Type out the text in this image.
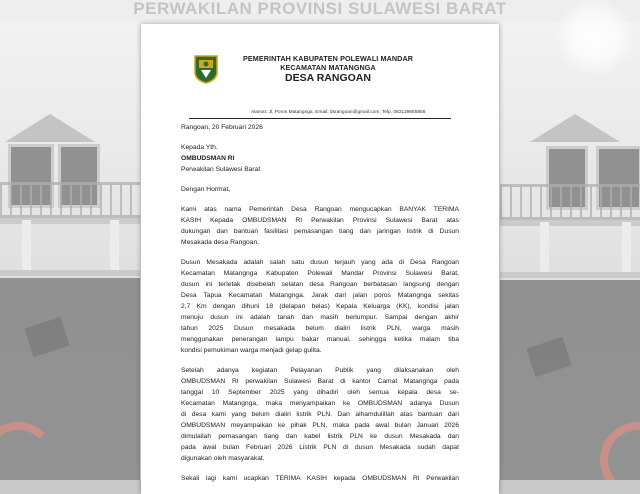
PERWAKILAN PROVINSI SULAWESI BARAT
PEMERINTAH KABUPATEN POLEWALI MANDAR
KECAMATAN MATANGNGA
DESA RANGOAN
Alamat: Jl. Poros Matangnga, Email: dsrangoan@gmail.com, Telp. 082139665856
Rangoan, 20 Februari 2026
Kepada Yth.
OMBUDSMAN RI
Perwakilan Sulawesi Barat
Dengan Hormat,
Kami atas nama Pemerintah Desa Rangoan mengucapkan BANYAK TERIMA
KASIH Kepada OMBUDSMAN RI Perwakilan Provinsi Sulawesi Barat atas
dukungan dan bantuan fasilitasi pemasangan tiang dan jaringan listrik di Dusun
Mesakada desa Rangoan.
Dusun Mesakada adalah salah satu dusun terjauh yang ada di Desa Rangoan
Kecamatan Matangnga Kabupaten Polewali Mandar Provinsi Sulawesi Barat,
dusun ini terletak disebelah selatan desa Rangoan berbatasan langsung dengan
Desa Tapua Kecamatan Matangnga. Jarak dari jalan poros Matangnga sekitas
2,7 Km dengan dihuni 18 (delapan belas) Kepala Keluarga (KK), kondisi jalan
menuju dusun ini adalah tanah dan masih berlumpur. Sampai dengan akhir
tahun 2025 Dusun mesakada belum dialiri listrik PLN, warga masih
menggunakan penerangan lampu bakar manual, sehingga ketika malam tiba
kondisi pemukiman warga menjadi gelap gulita.
Setelah adanya kegiatan Pelayanan Publik yang dilaksanakan oleh
OMBUDSMAN RI perwakilan Sulawesi Barat di kantor Camat Matangnga pada
tanggal 10 September 2025 yang dihadiri oleh semua kepala desa se-
Kecamatan Matangnga, maka menyampaikan ke OMBUDSMAN adanya Dusun
di desa kami yang belum dialiri listrik PLN. Dan alhamdulillah atas bantuan dari
OMBUDSMAN meyampaikan ke pihak PLN, maka pada awal bulan Januari 2026
dimulailah pemasangan tiang dan kabel listrik PLN ke dusun Mesakada dan
pada awal bulan Februari 2026 Listrik PLN di dusun Mesakada sudah dapat
digunakan oleh masyarakat.
Sekali lagi kami ucapkan TERIMA KASIH kepada OMBUDSMAN RI Perwakilan
